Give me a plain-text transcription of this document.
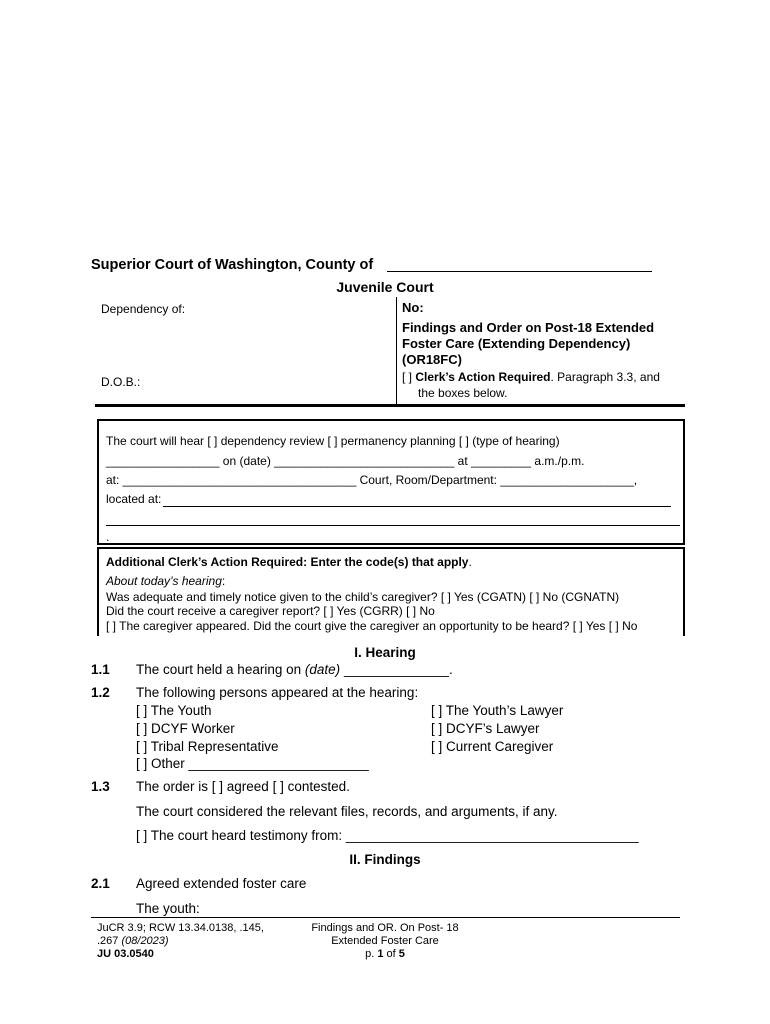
Superior Court of Washington, County of
Juvenile Court
Dependency of:
D.O.B.:
No:
Findings and Order on Post-18 Extended Foster Care (Extending Dependency) (OR18FC)
[ ] Clerk’s Action Required. Paragraph 3.3, and
the boxes below.
The court will hear [ ] dependency review [ ] permanency planning [ ] (type of hearing)
_________________ on (date) ___________________________ at _________ a.m./p.m.
at: ___________________________________ Court, Room/Department: ____________________,
located at:
.
Additional Clerk’s Action Required: Enter the code(s) that apply.
About today’s hearing:
Was adequate and timely notice given to the child’s caregiver? [ ] Yes (CGATN) [ ] No (CGNATN)
Did the court receive a caregiver report? [ ] Yes (CGRR) [ ] No
[ ] The caregiver appeared. Did the court give the caregiver an opportunity to be heard? [ ] Yes [ ] No
I. Hearing
1.1 The court held a hearing on (date) ______________.
1.2 The following persons appeared at the hearing:
[ ] The Youth
[ ] DCYF Worker
[ ] Tribal Representative
[ ] Other ________________________
[ ] The Youth’s Lawyer
[ ] DCYF’s Lawyer
[ ] Current Caregiver
1.3 The order is [ ] agreed [ ] contested.
The court considered the relevant files, records, and arguments, if any.
[ ] The court heard testimony from: _______________________________________
II. Findings
2.1 Agreed extended foster care
The youth:
JuCR 3.9; RCW 13.34.0138, .145,
.267 (08/2023)
JU 03.0540
Findings and OR. On Post- 18
Extended Foster Care
p. 1 of 5
